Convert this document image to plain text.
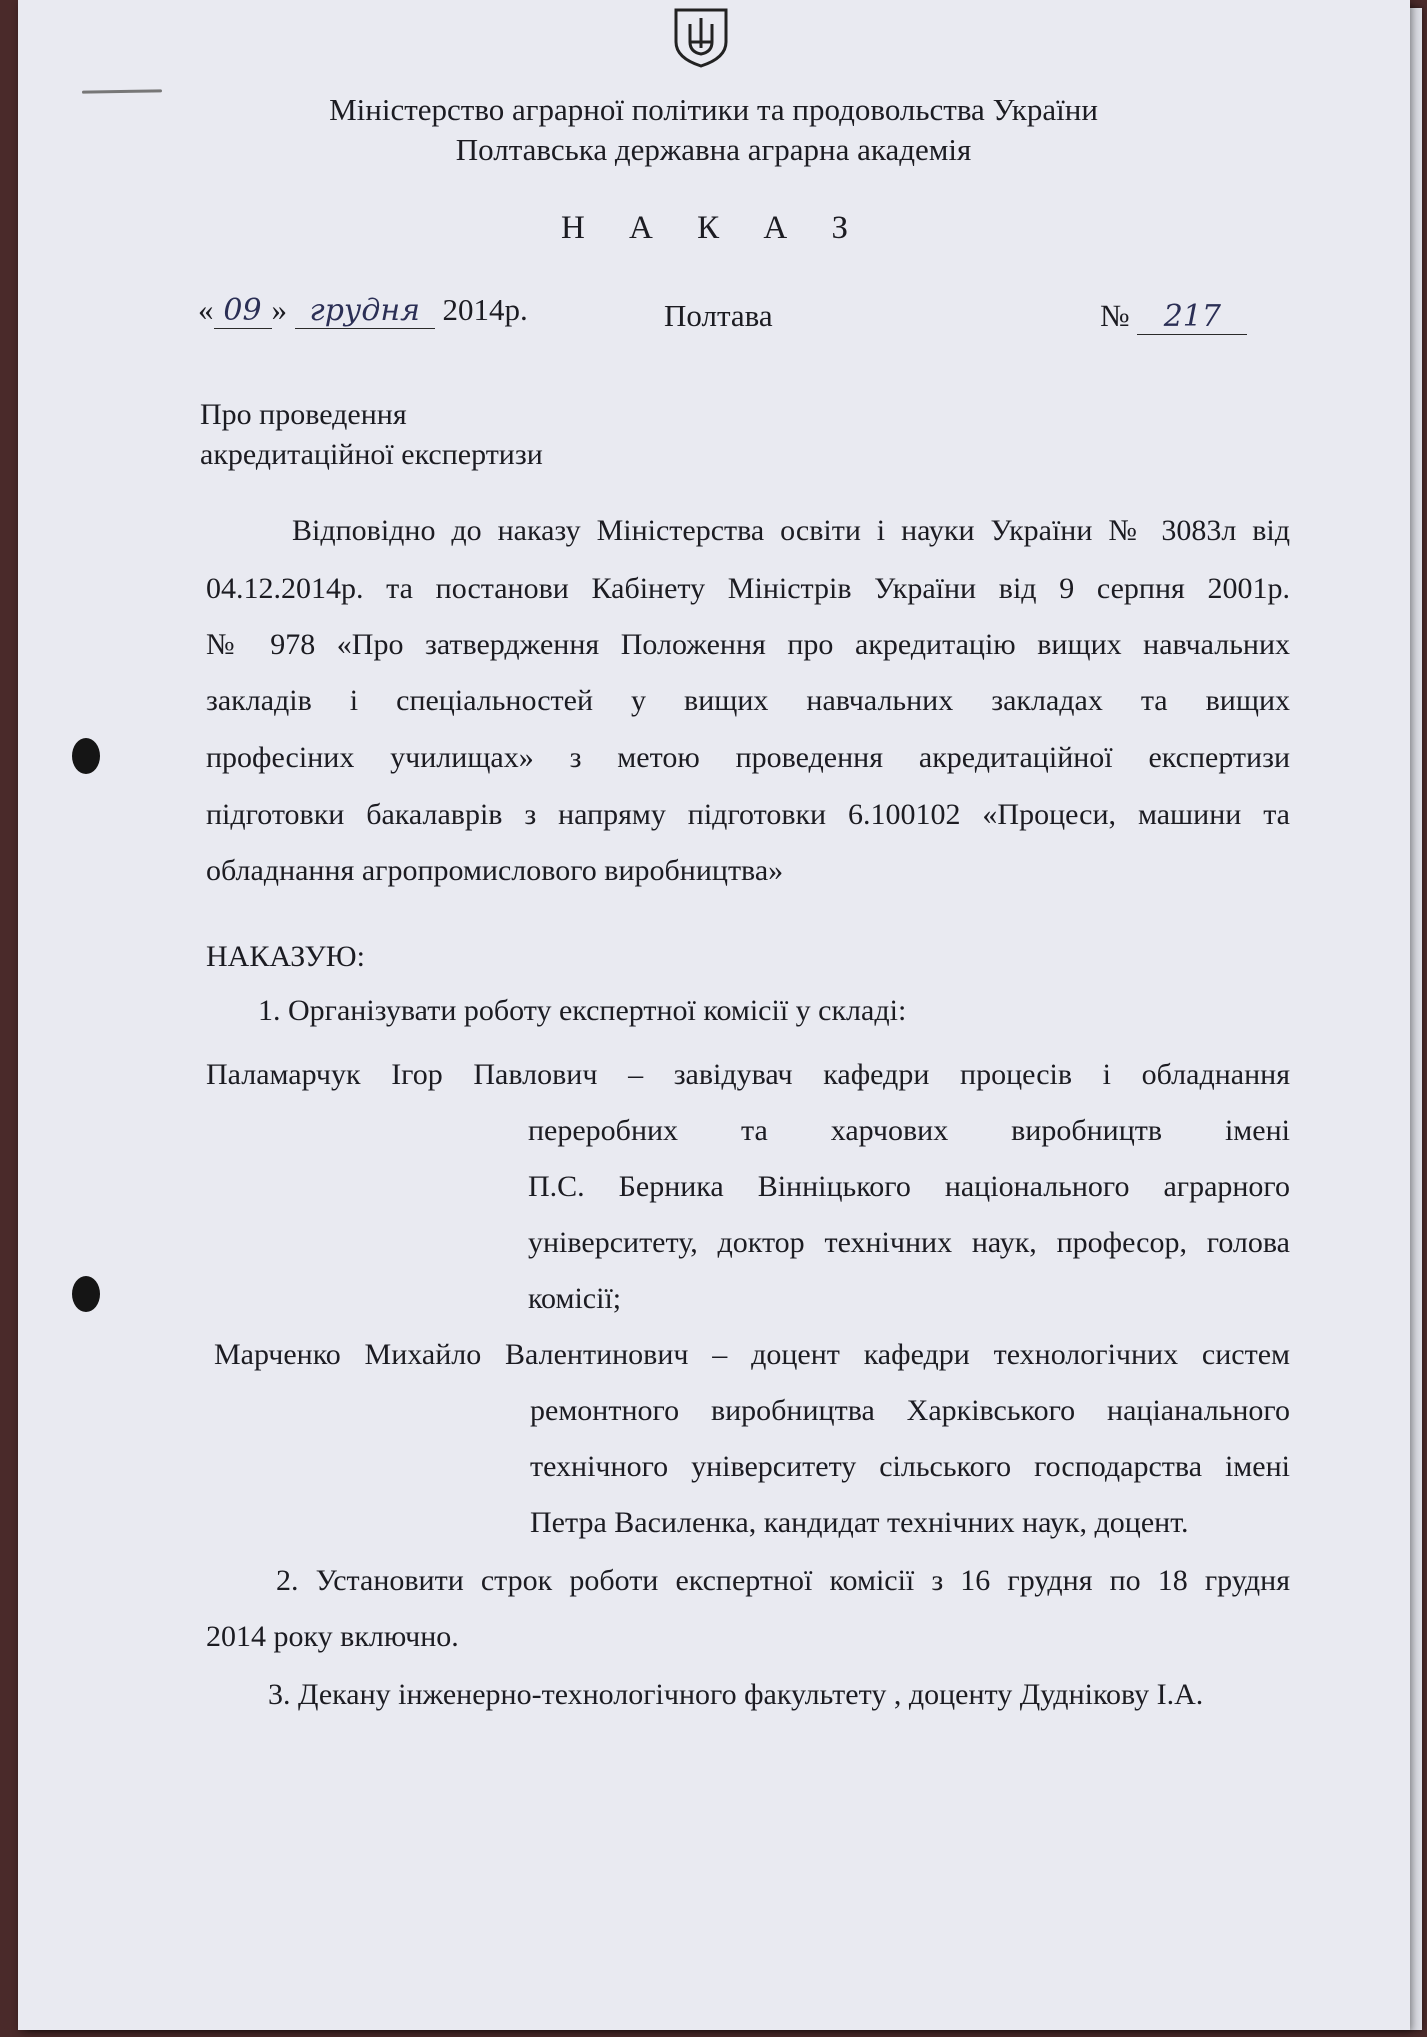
Міністерство аграрної політики та продовольства України
Полтавська державна аграрна академія
Н А К А З
« 09 » грудня 2014р.	Полтава	№ 217
Про проведення
акредитаційної експертизи
Відповідно до наказу Міністерства освіти і науки України № 3083л від
04.12.2014р. та постанови Кабінету Міністрів України від 9 серпня 2001р.
№ 978 «Про затвердження Положення про акредитацію вищих навчальних
закладів і спеціальностей у вищих навчальних закладах та вищих
професіних училищах» з метою проведення акредитаційної експертизи
підготовки бакалаврів з напряму підготовки 6.100102 «Процеси, машини та
обладнання агропромислового виробництва»
НАКАЗУЮ:
1. Організувати роботу експертної комісії у складі:
Паламарчук Ігор Павлович – завідувач кафедри процесів і обладнання
переробних та харчових виробництв імені
П.С. Берника Вінніцького національного аграрного
університету, доктор технічних наук, професор, голова
комісії;
Марченко Михайло Валентинович – доцент кафедри технологічних систем
ремонтного виробництва Харківського націанального
технічного університету сільського господарства імені
Петра Василенка, кандидат технічних наук, доцент.
2. Установити строк роботи експертної комісії з 16 грудня по 18 грудня
2014 року включно.
3. Декану інженерно-технологічного факультету , доценту Дуднікову І.А.
